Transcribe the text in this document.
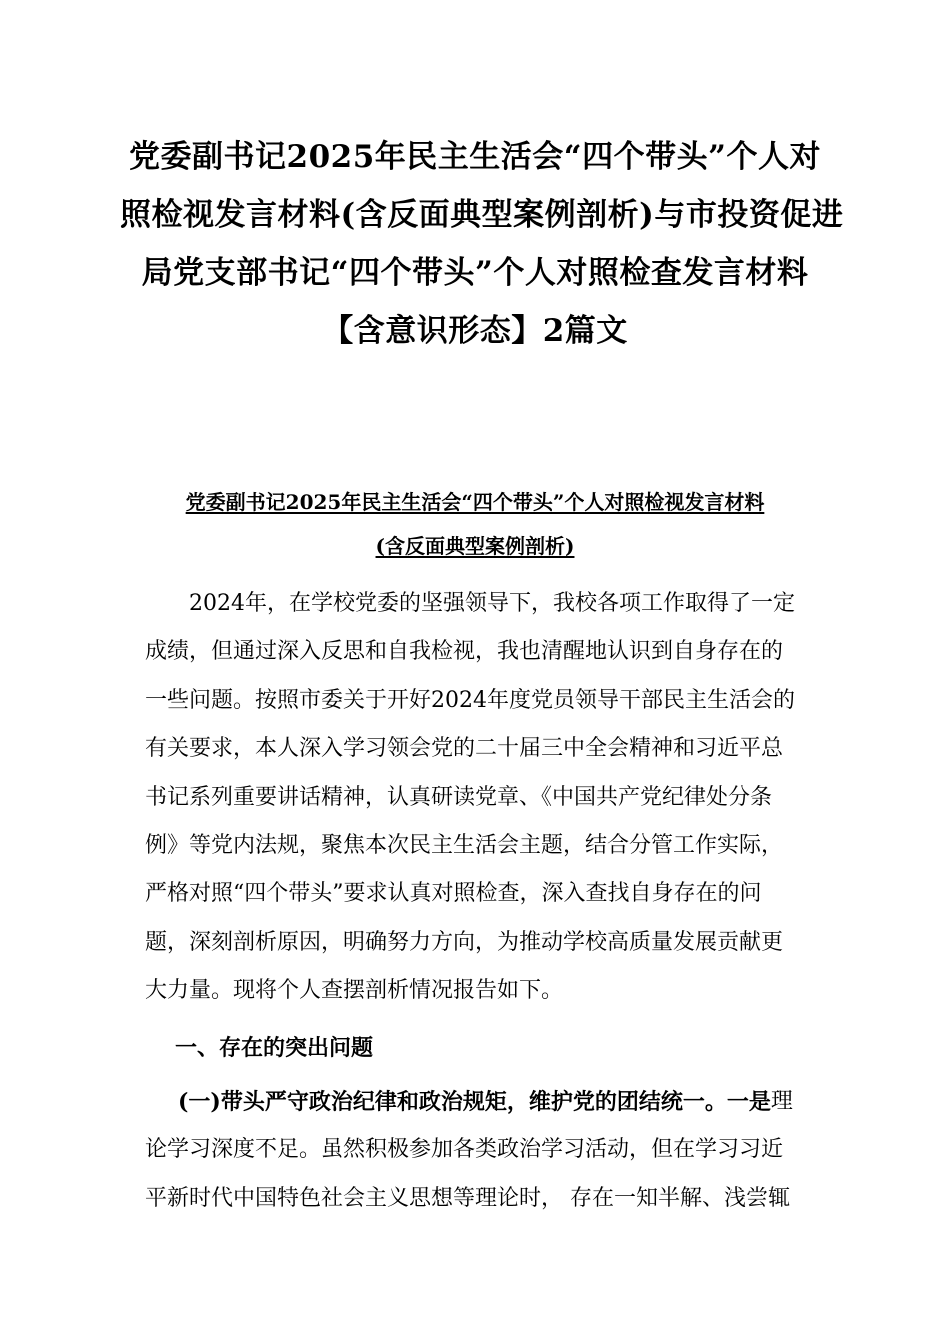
党委副书记2025年民主生活会“四个带头”个人对
照检视发言材料(含反面典型案例剖析)与市投资促进
局党支部书记“四个带头”个人对照检查发言材料
【含意识形态】2篇文
党委副书记2025年民主生活会“四个带头”个人对照检视发言材料
(含反面典型案例剖析)
2024年，在学校党委的坚强领导下，我校各项工作取得了一定
成绩，但通过深入反思和自我检视，我也清醒地认识到自身存在的
一些问题。按照市委关于开好2024年度党员领导干部民主生活会的
有关要求，本人深入学习领会党的二十届三中全会精神和习近平总
书记系列重要讲话精神，认真研读党章、《中国共产党纪律处分条
例》等党内法规，聚焦本次民主生活会主题，结合分管工作实际，
严格对照“四个带头”要求认真对照检查，深入查找自身存在的问
题，深刻剖析原因，明确努力方向，为推动学校高质量发展贡献更
大力量。现将个人查摆剖析情况报告如下。
一、存在的突出问题
(一)带头严守政治纪律和政治规矩，维护党的团结统一。一是 理
论学习深度不足。虽然积极参加各类政治学习活动，但在学习习近
平新时代中国特色社会主义思想等理论时， 存在一知半解、浅尝辄
